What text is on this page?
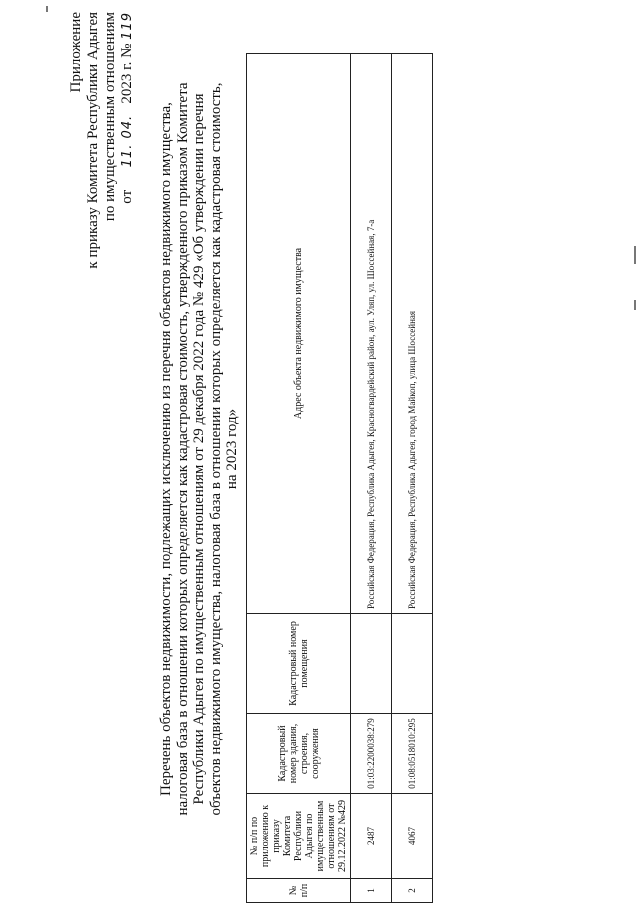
Приложение к приказу Комитета Республики Адыгея по имущественным отношениям от      11. 04.   2023 г. № 119
Перечень объектов недвижимости, подлежащих исключению из перечня объектов недвижимого имущества, налоговая база в отношении которых определяется как кадастровая стоимость, утвержденного приказом Комитета Республики Адыгея по имущественным отношениям от 29 декабря 2022 года № 429 «Об утверждении перечня объектов недвижимого имущества, налоговая база в отношении которых определяется как кадастровая стоимость, на 2023 год»
№ п/п	№ п/п по приложению к приказу Комитета Республики Адыгея по имущественным отношениям от 29.12.2022 №429	Кадастровый номер здания, строения, сооружения	Кадастровый номер помещения	Адрес объекта недвижимого имущества
1	2487	01:03:2200038:279		Российская Федерация, Республика Адыгея, Красногвардейский район, аул. Уляп, ул. Шоссейная, 7-а
2	4067	01:08:0518010:295		Российская Федерация, Республика Адыгея, город Майкоп, улица Шоссейная
